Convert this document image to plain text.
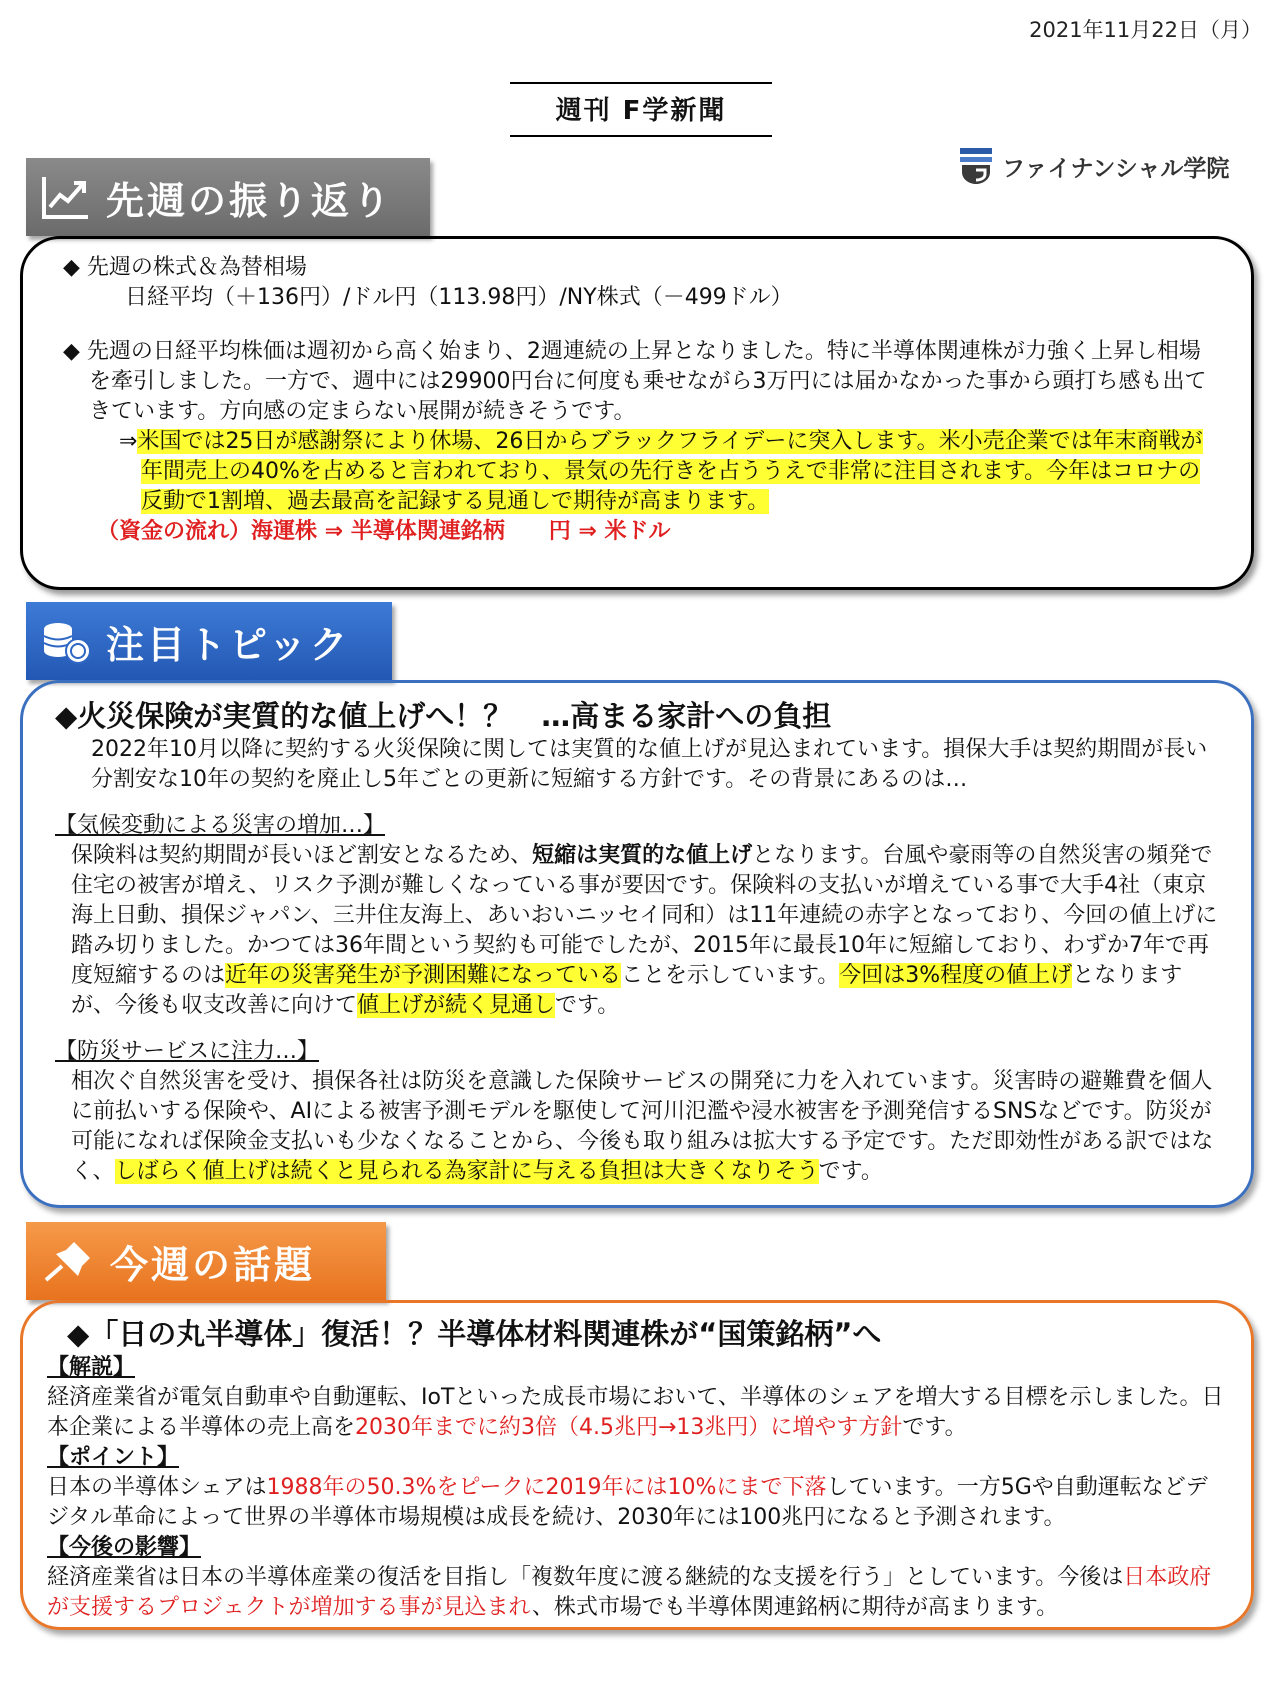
2021年11月22日（月）
週刊 F学新聞
ファイナンシャル学院
先週の振り返り

◆ 先週の株式＆為替相場

日経平均（＋136円）/ドル円（113.98円）/NY株式（－499ドル）

◆ 先週の日経平均株価は週初から高く始まり、2週連続の上昇となりました。特に半導体関連株が力強く上昇し相場を牽引しました。一方で、週中には29900円台に何度も乗せながら3万円には届かなかった事から頭打ち感も出てきています。方向感の定まらない展開が続きそうです。

⇒米国では25日が感謝祭により休場、26日からブラックフライデーに突入します。米小売企業では年末商戦が年間売上の40%を占めると言われており、景気の先行きを占ううえで非常に注目されます。今年はコロナの反動で1割増、過去最高を記録する見通しで期待が高まります。

（資金の流れ）海運株 ⇒ 半導体関連銘柄　　円 ⇒ 米ドル

注目トピック

◆火災保険が実質的な値上げへ！？　…高まる家計への負担

2022年10月以降に契約する火災保険に関しては実質的な値上げが見込まれています。損保大手は契約期間が長い分割安な10年の契約を廃止し5年ごとの更新に短縮する方針です。その背景にあるのは…

【気候変動による災害の増加…】

保険料は契約期間が長いほど割安となるため、短縮は実質的な値上げとなります。台風や豪雨等の自然災害の頻発で住宅の被害が増え、リスク予測が難しくなっている事が要因です。保険料の支払いが増えている事で大手4社（東京海上日動、損保ジャパン、三井住友海上、あいおいニッセイ同和）は11年連続の赤字となっており、今回の値上げに踏み切りました。かつては36年間という契約も可能でしたが、2015年に最長10年に短縮しており、わずか7年で再度短縮するのは近年の災害発生が予測困難になっていることを示しています。今回は3%程度の値上げとなりますが、今後も収支改善に向けて値上げが続く見通しです。

【防災サービスに注力…】

相次ぐ自然災害を受け、損保各社は防災を意識した保険サービスの開発に力を入れています。災害時の避難費を個人に前払いする保険や、AIによる被害予測モデルを駆使して河川氾濫や浸水被害を予測発信するSNSなどです。防災が可能になれば保険金支払いも少なくなることから、今後も取り組みは拡大する予定です。ただ即効性がある訳ではなく、しばらく値上げは続くと見られる為家計に与える負担は大きくなりそうです。

今週の話題

◆「日の丸半導体」復活！？半導体材料関連株が“国策銘柄”へ

【解説】

経済産業省が電気自動車や自動運転、IoTといった成長市場において、半導体のシェアを増大する目標を示しました。日本企業による半導体の売上高を2030年までに約3倍（4.5兆円→13兆円）に増やす方針です。

【ポイント】

日本の半導体シェアは1988年の50.3%をピークに2019年には10%にまで下落しています。一方5Gや自動運転などデジタル革命によって世界の半導体市場規模は成長を続け、2030年には100兆円になると予測されます。

【今後の影響】

経済産業省は日本の半導体産業の復活を目指し「複数年度に渡る継続的な支援を行う」としています。今後は日本政府が支援するプロジェクトが増加する事が見込まれ、株式市場でも半導体関連銘柄に期待が高まります。
